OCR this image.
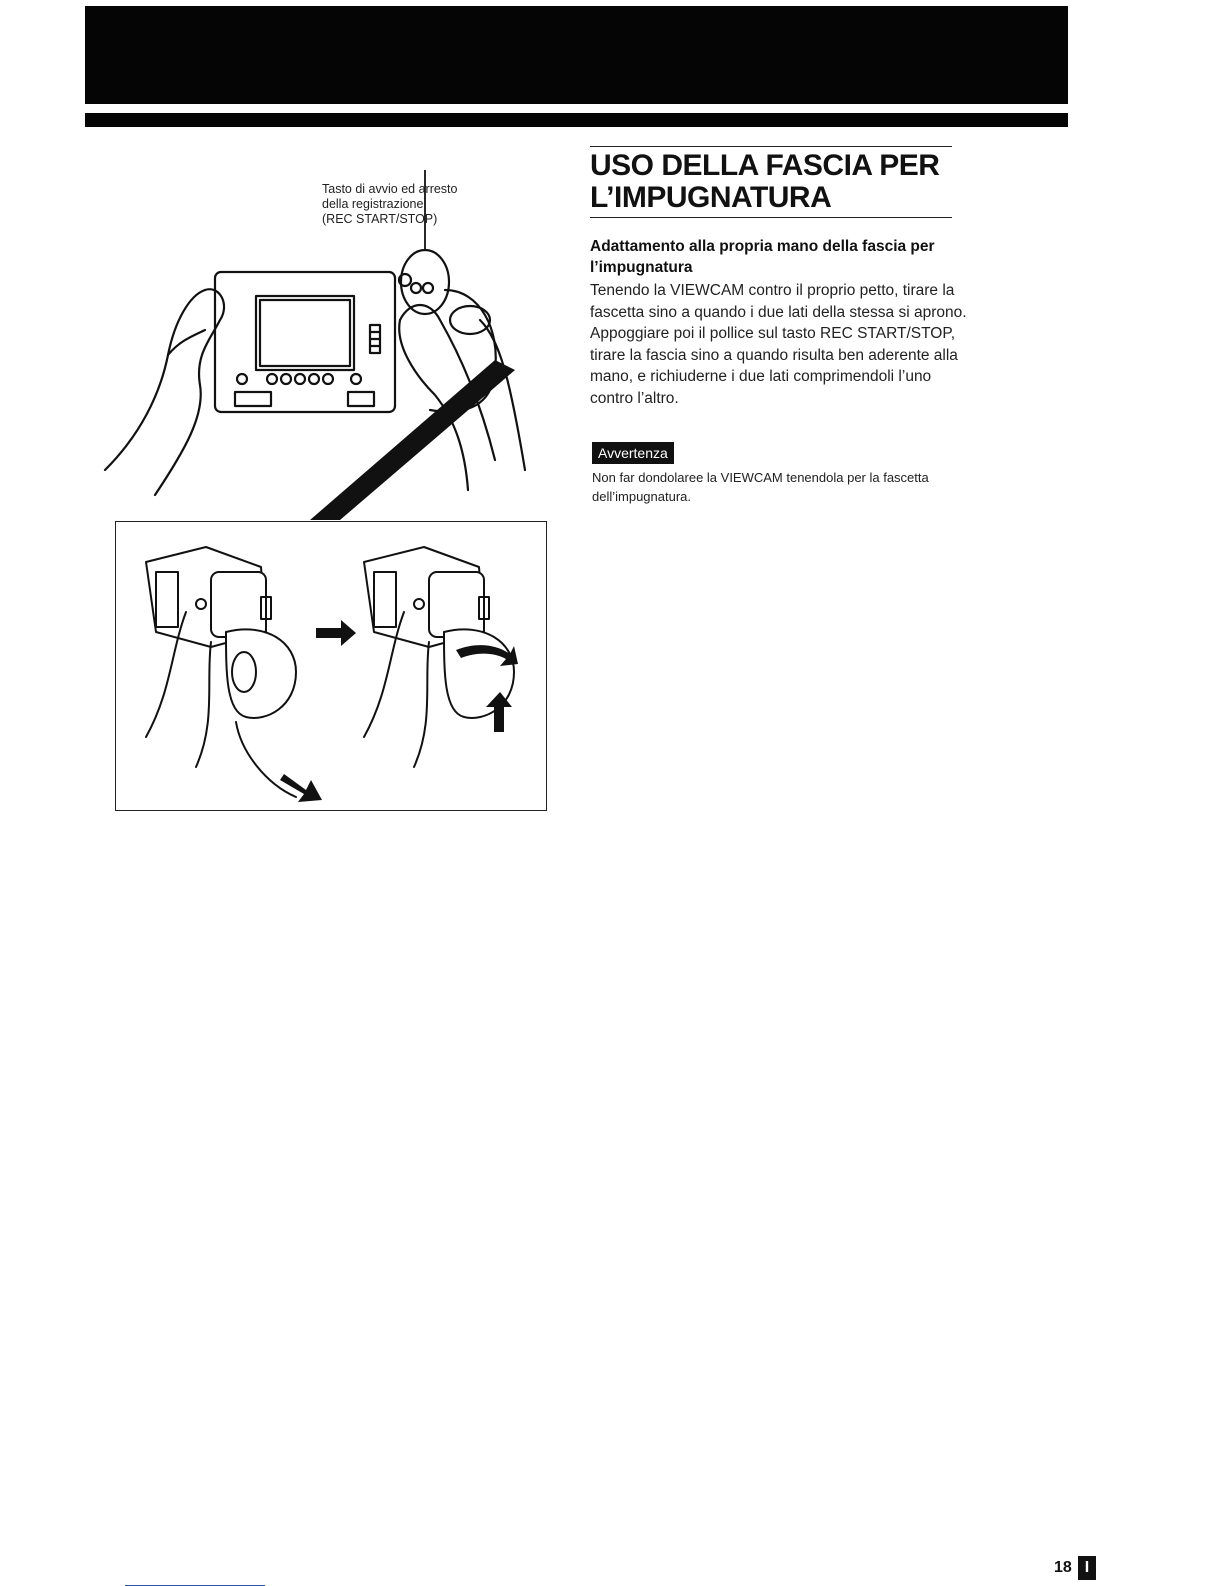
Tasto di avvio ed arresto
della registrazione
(REC START/STOP)
USO DELLA FASCIA PER
L’IMPUGNATURA
Adattamento alla propria mano della fascia per
l’impugnatura
Tenendo la VIEWCAM contro il proprio petto, tirare la
fascetta sino a quando i due lati della stessa si aprono.
Appoggiare poi il pollice sul tasto REC START/STOP,
tirare la fascia sino a quando risulta ben aderente alla
mano, e richiuderne i due lati comprimendoli l’uno
contro l’altro.
Avvertenza
Non far dondolaree la VIEWCAM tenendola per la fascetta
dell’impugnatura.
18 I
